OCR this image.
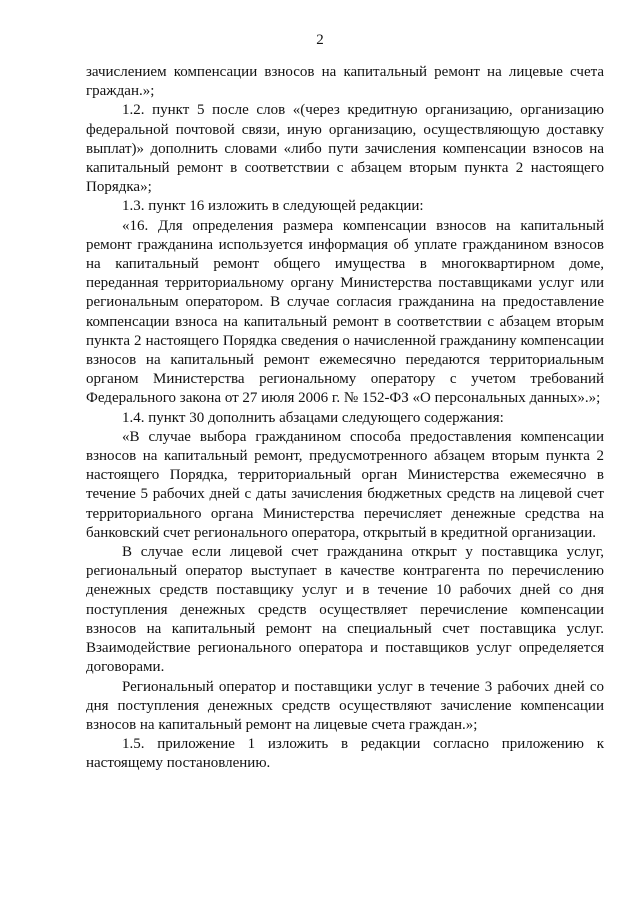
2

зачислением компенсации взносов на капитальный ремонт на лицевые счета граждан.»;

1.2. пункт 5 после слов «(через кредитную организацию, организацию федеральной почтовой связи, иную организацию, осуществляющую доставку выплат)» дополнить словами «либо пути зачисления компенсации взносов на капитальный ремонт в соответствии с абзацем вторым пункта 2 настоящего Порядка»;

1.3. пункт 16 изложить в следующей редакции:

«16. Для определения размера компенсации взносов на капитальный ремонт гражданина используется информация об уплате гражданином взносов на капитальный ремонт общего имущества в многоквартирном доме, переданная территориальному органу Министерства поставщиками услуг или региональным оператором. В случае согласия гражданина на предоставление компенсации взноса на капитальный ремонт в соответствии с абзацем вторым пункта 2 настоящего Порядка сведения о начисленной гражданину компенсации взносов на капитальный ремонт ежемесячно передаются территориальным органом Министерства региональному оператору с учетом требований Федерального закона от 27 июля 2006 г. № 152-ФЗ «О персональных данных».»;

1.4. пункт 30 дополнить абзацами следующего содержания:

«В случае выбора гражданином способа предоставления компенсации взносов на капитальный ремонт, предусмотренного абзацем вторым пункта 2 настоящего Порядка, территориальный орган Министерства ежемесячно в течение 5 рабочих дней с даты зачисления бюджетных средств на лицевой счет территориального органа Министерства перечисляет денежные средства на банковский счет регионального оператора, открытый в кредитной организации.

В случае если лицевой счет гражданина открыт у поставщика услуг, региональный оператор выступает в качестве контрагента по перечислению денежных средств поставщику услуг и в течение 10 рабочих дней со дня поступления денежных средств осуществляет перечисление компенсации взносов на капитальный ремонт на специальный счет поставщика услуг. Взаимодействие регионального оператора и поставщиков услуг определяется договорами.

Региональный оператор и поставщики услуг в течение 3 рабочих дней со дня поступления денежных средств осуществляют зачисление компенсации взносов на капитальный ремонт на лицевые счета граждан.»;

1.5. приложение 1 изложить в редакции согласно приложению к настоящему постановлению.
